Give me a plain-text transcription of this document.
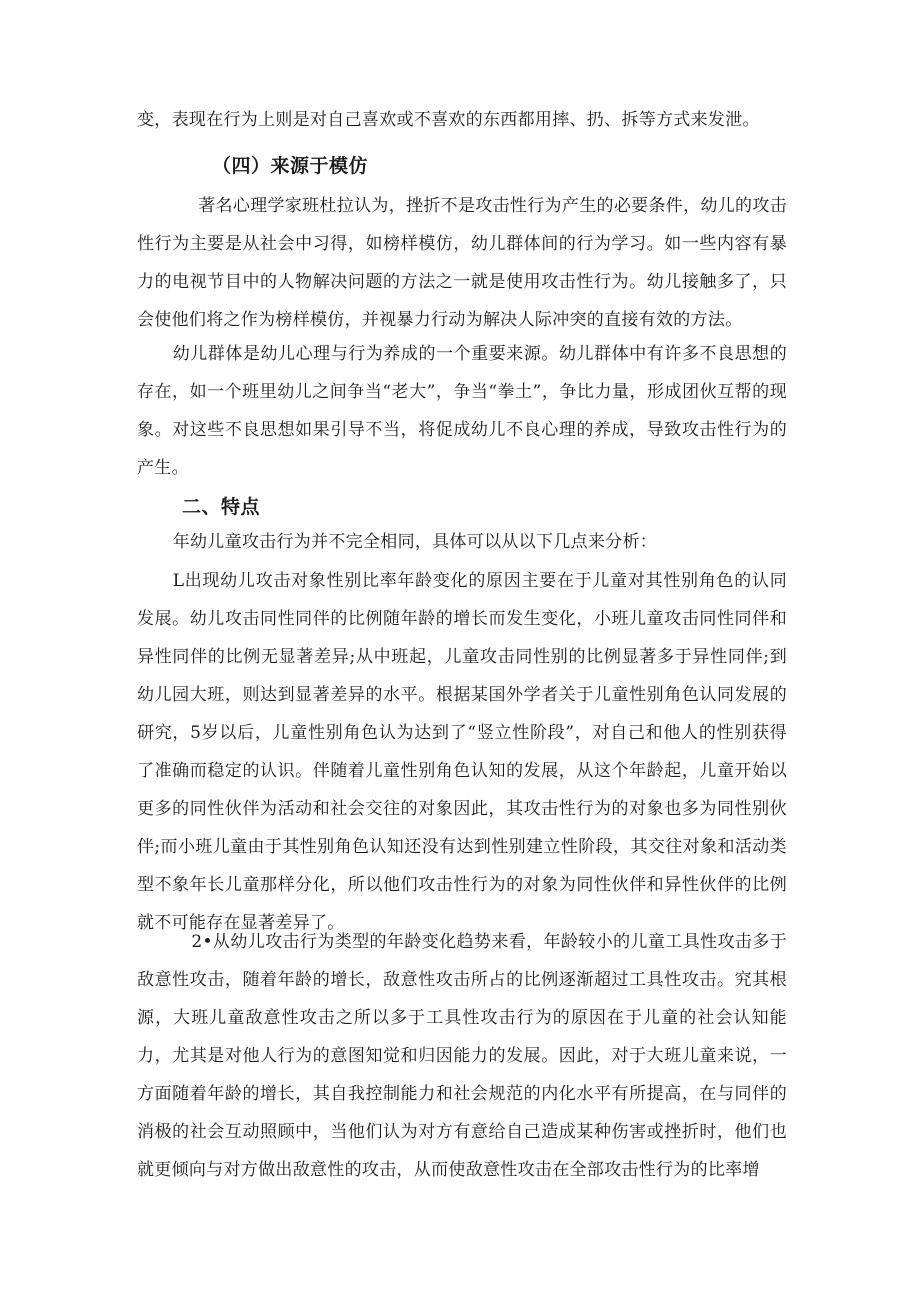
变，表现在行为上则是对自己喜欢或不喜欢的东西都用摔、扔、拆等方式来发泄。

（四）来源于模仿

著名心理学家班杜拉认为，挫折不是攻击性行为产生的必要条件，幼儿的攻击性行为主要是从社会中习得，如榜样模仿，幼儿群体间的行为学习。如一些内容有暴力的电视节目中的人物解决问题的方法之一就是使用攻击性行为。幼儿接触多了，只会使他们将之作为榜样模仿，并视暴力行动为解决人际冲突的直接有效的方法。

幼儿群体是幼儿心理与行为养成的一个重要来源。幼儿群体中有许多不良思想的存在，如一个班里幼儿之间争当“老大”，争当“拳土”，争比力量，形成团伙互帮的现象。对这些不良思想如果引导不当，将促成幼儿不良心理的养成，导致攻击性行为的产生。

二、特点

年幼儿童攻击行为并不完全相同，具体可以从以下几点来分析：

L出现幼儿攻击对象性别比率年龄变化的原因主要在于儿童对其性别角色的认同发展。幼儿攻击同性同伴的比例随年龄的增长而发生变化，小班儿童攻击同性同伴和异性同伴的比例无显著差异;从中班起，儿童攻击同性别的比例显著多于异性同伴;到幼儿园大班，则达到显著差异的水平。根据某国外学者关于儿童性别角色认同发展的研究，5岁以后，儿童性别角色认为达到了“竖立性阶段”，对自己和他人的性别获得了准确而稳定的认识。伴随着儿童性别角色认知的发展，从这个年龄起，儿童开始以更多的同性伙伴为活动和社会交往的对象因此，其攻击性行为的对象也多为同性别伙伴;而小班儿童由于其性别角色认知还没有达到性别建立性阶段，其交往对象和活动类型不象年长儿童那样分化，所以他们攻击性行为的对象为同性伙伴和异性伙伴的比例就不可能存在显著差异了。

2•从幼儿攻击行为类型的年龄变化趋势来看，年龄较小的儿童工具性攻击多于敌意性攻击，随着年龄的增长，敌意性攻击所占的比例逐渐超过工具性攻击。究其根源，大班儿童敌意性攻击之所以多于工具性攻击行为的原因在于儿童的社会认知能力，尤其是对他人行为的意图知觉和归因能力的发展。因此，对于大班儿童来说，一方面随着年龄的增长，其自我控制能力和社会规范的内化水平有所提高，在与同伴的消极的社会互动照顾中，当他们认为对方有意给自己造成某种伤害或挫折时，他们也就更倾向与对方做出敌意性的攻击，从而使敌意性攻击在全部攻击性行为的比率增
